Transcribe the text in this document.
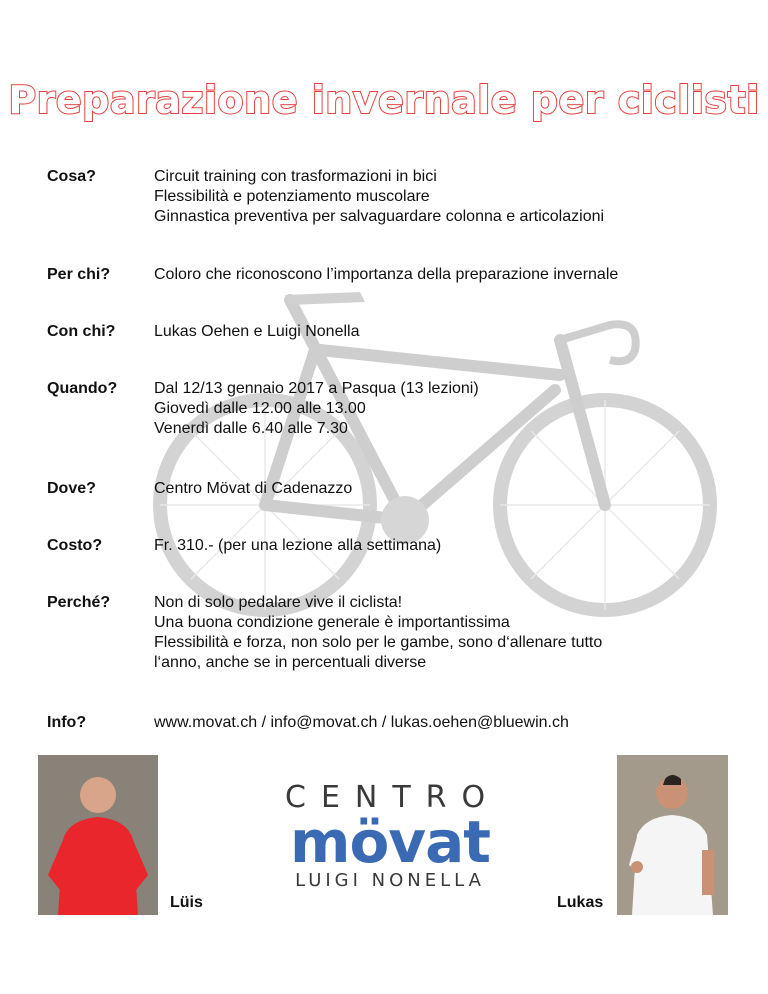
Preparazione invernale per ciclisti
Cosa?	Circuit training con trasformazioni in bici
Flessibilità e potenziamento muscolare
Ginnastica preventiva per salvaguardare colonna e articolazioni
Per chi?	Coloro che riconoscono l’importanza della preparazione invernale
Con chi?	Lukas Oehen e Luigi Nonella
Quando?	Dal 12/13 gennaio 2017 a Pasqua (13 lezioni)
Giovedì dalle 12.00 alle 13.00
Venerdì dalle 6.40 alle 7.30
Dove?	Centro Mövat di Cadenazzo
Costo?	Fr. 310.- (per una lezione alla settimana)
Perché?	Non di solo pedalare vive il ciclista!
Una buona condizione generale è importantissima
Flessibilità e forza, non solo per le gambe, sono d‘allenare tutto
l‘anno, anche se in percentuali diverse
Info?	www.movat.ch / info@movat.ch / lukas.oehen@bluewin.ch
Lüis
CENTRO
mövat
LUIGI NONELLA
Lukas
